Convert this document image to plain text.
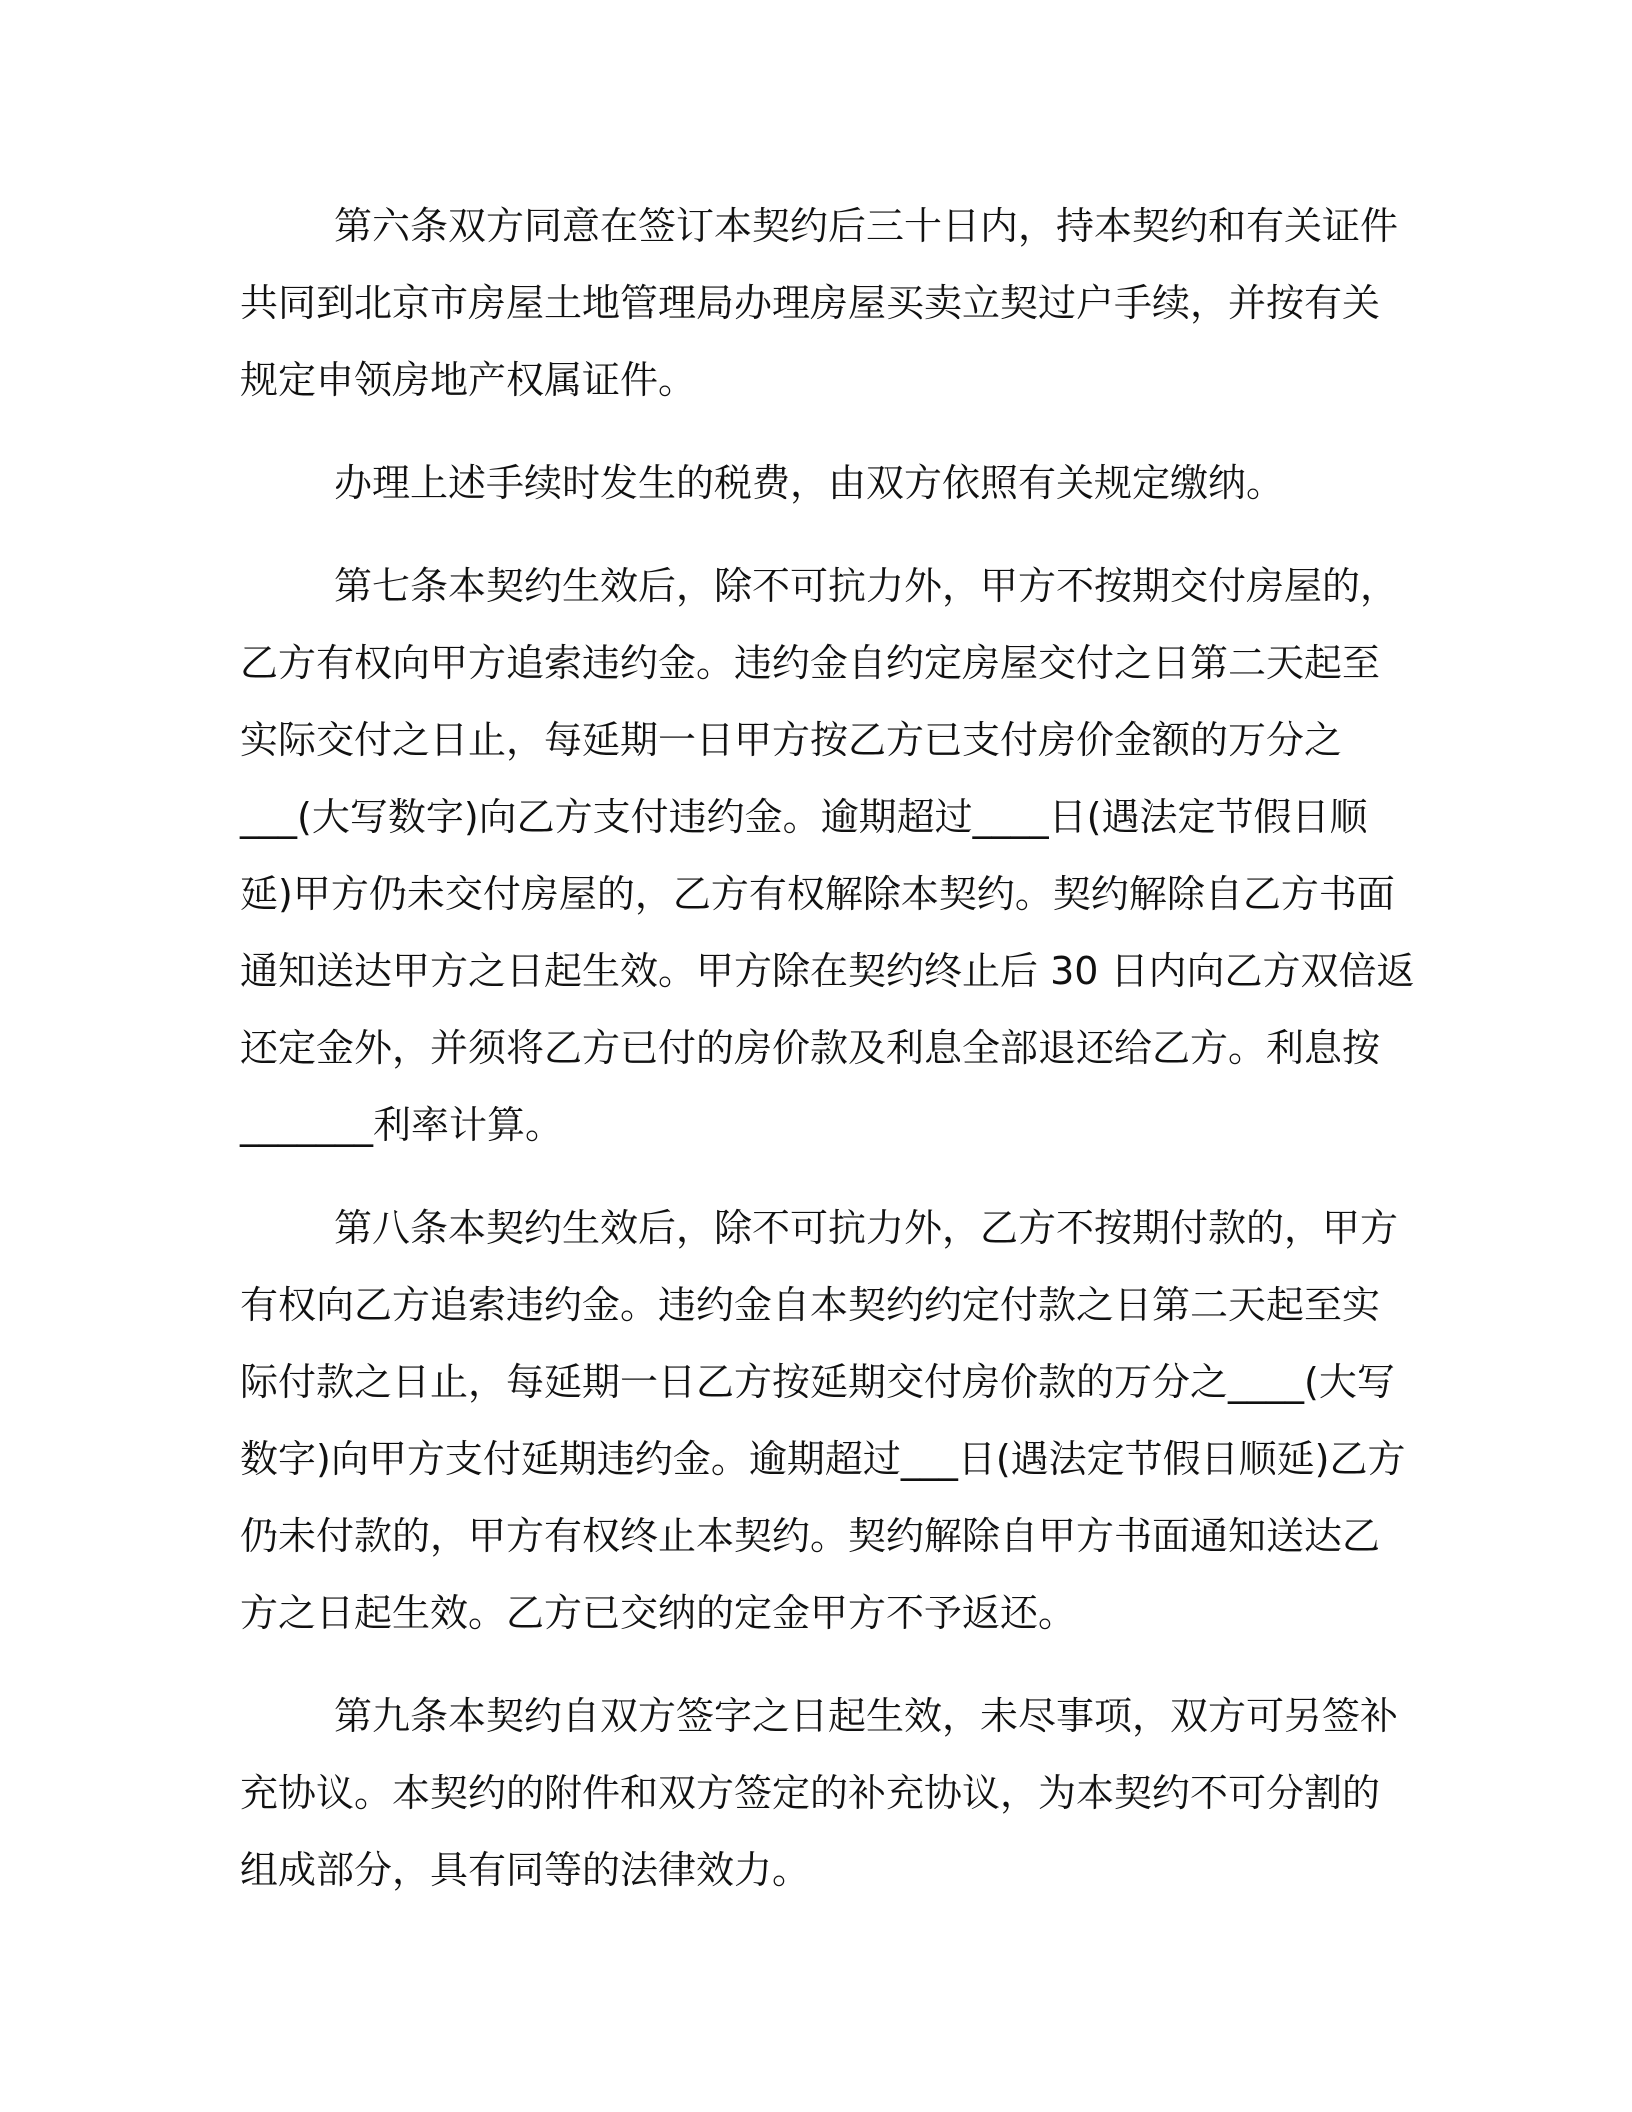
第六条双方同意在签订本契约后三十日内，持本契约和有关证件
共同到北京市房屋土地管理局办理房屋买卖立契过户手续，并按有关
规定申领房地产权属证件。

办理上述手续时发生的税费，由双方依照有关规定缴纳。

第七条本契约生效后，除不可抗力外，甲方不按期交付房屋的，
乙方有权向甲方追索违约金。违约金自约定房屋交付之日第二天起至
实际交付之日止，每延期一日甲方按乙方已支付房价金额的万分之
___(大写数字)向乙方支付违约金。逾期超过____日(遇法定节假日顺
延)甲方仍未交付房屋的，乙方有权解除本契约。契约解除自乙方书面
通知送达甲方之日起生效。甲方除在契约终止后 30 日内向乙方双倍返
还定金外，并须将乙方已付的房价款及利息全部退还给乙方。利息按
_______利率计算。

第八条本契约生效后，除不可抗力外，乙方不按期付款的，甲方
有权向乙方追索违约金。违约金自本契约约定付款之日第二天起至实
际付款之日止，每延期一日乙方按延期交付房价款的万分之____(大写
数字)向甲方支付延期违约金。逾期超过___日(遇法定节假日顺延)乙方
仍未付款的，甲方有权终止本契约。契约解除自甲方书面通知送达乙
方之日起生效。乙方已交纳的定金甲方不予返还。

第九条本契约自双方签字之日起生效，未尽事项，双方可另签补
充协议。本契约的附件和双方签定的补充协议，为本契约不可分割的
组成部分，具有同等的法律效力。
